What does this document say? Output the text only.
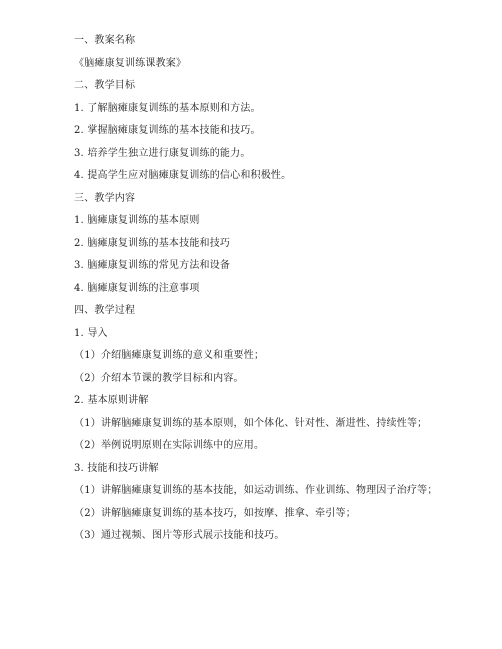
一、教案名称
《脑瘫康复训练课教案》
二、教学目标
1. 了解脑瘫康复训练的基本原则和方法。
2. 掌握脑瘫康复训练的基本技能和技巧。
3. 培养学生独立进行康复训练的能力。
4. 提高学生应对脑瘫康复训练的信心和积极性。
三、教学内容
1. 脑瘫康复训练的基本原则
2. 脑瘫康复训练的基本技能和技巧
3. 脑瘫康复训练的常见方法和设备
4. 脑瘫康复训练的注意事项
四、教学过程
1. 导入
（1）介绍脑瘫康复训练的意义和重要性；
（2）介绍本节课的教学目标和内容。
2. 基本原则讲解
（1）讲解脑瘫康复训练的基本原则，如个体化、针对性、渐进性、持续性等；
（2）举例说明原则在实际训练中的应用。
3. 技能和技巧讲解
（1）讲解脑瘫康复训练的基本技能，如运动训练、作业训练、物理因子治疗等；
（2）讲解脑瘫康复训练的基本技巧，如按摩、推拿、牵引等；
（3）通过视频、图片等形式展示技能和技巧。
